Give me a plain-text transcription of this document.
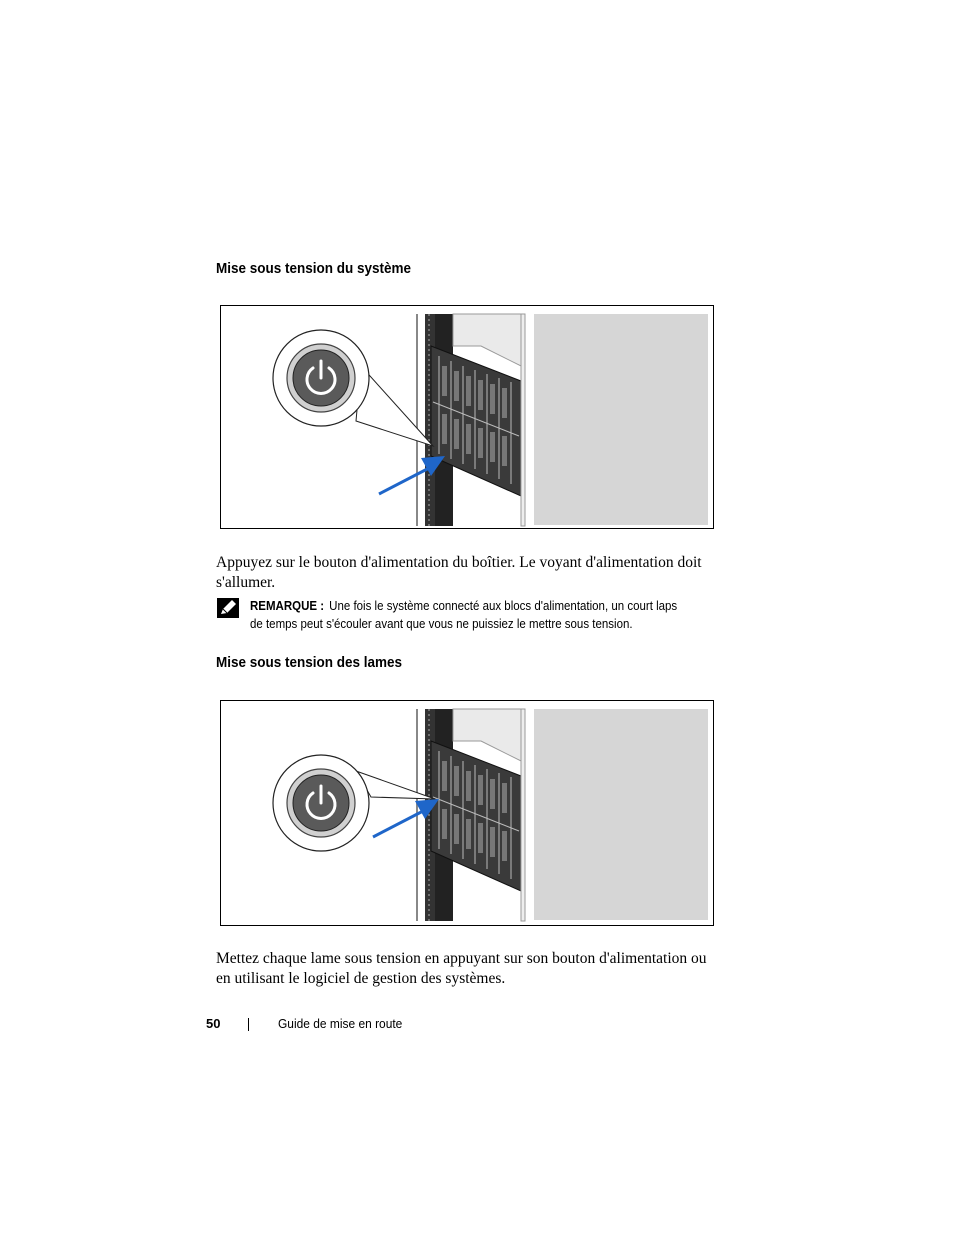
Mise sous tension du système

Appuyez sur le bouton d'alimentation du boîtier. Le voyant d'alimentation doit s'allumer.

REMARQUE : Une fois le système connecté aux blocs d'alimentation, un court laps de temps peut s'écouler avant que vous ne puissiez le mettre sous tension.

Mise sous tension des lames

Mettez chaque lame sous tension en appuyant sur son bouton d'alimentation ou en utilisant le logiciel de gestion des systèmes.

50	Guide de mise en route
